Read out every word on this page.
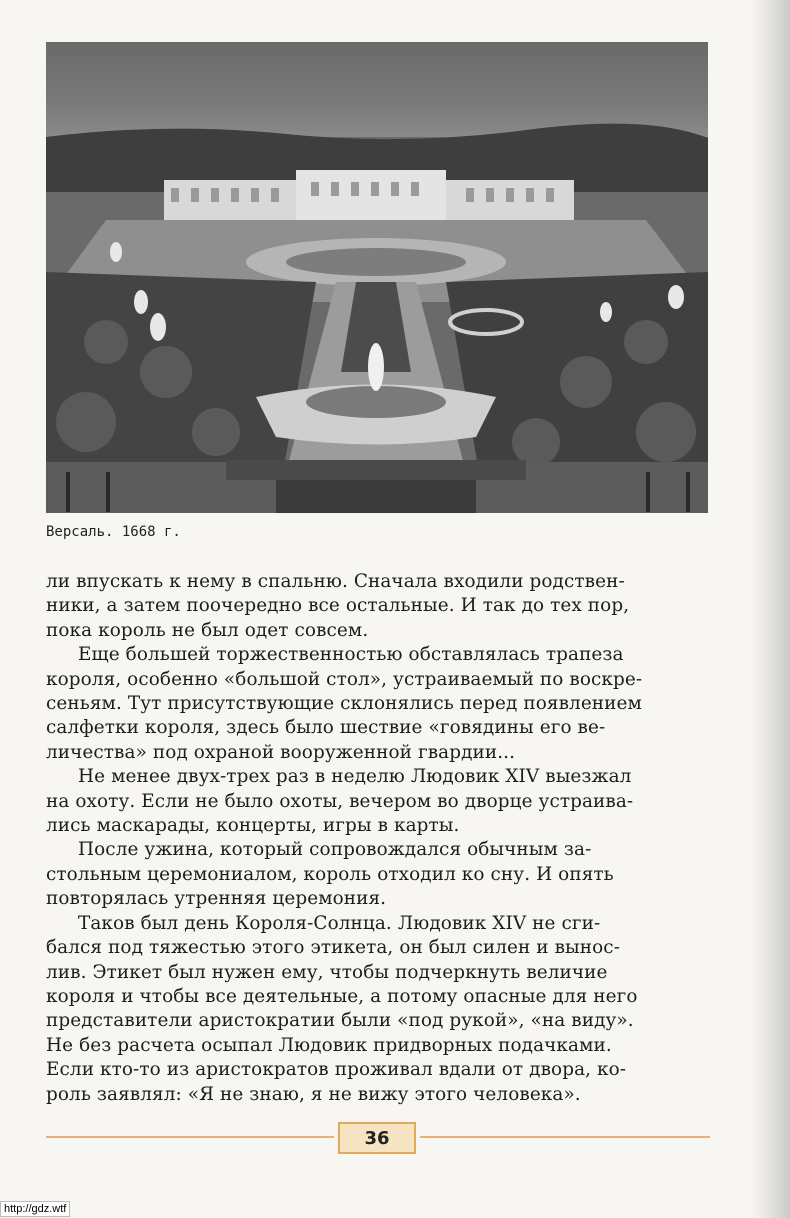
Версаль. 1668 г.

ли впускать к нему в спальню. Сначала входили родствен-
ники, а затем поочередно все остальные. И так до тех пор,
пока король не был одет совсем.

Еще большей торжественностью обставлялась трапеза
короля, особенно «большой стол», устраиваемый по воскре-
сеньям. Тут присутствующие склонялись перед появлением
салфетки короля, здесь было шествие «говядины его ве-
личества» под охраной вооруженной гвардии...

Не менее двух-трех раз в неделю Людовик XIV выезжал
на охоту. Если не было охоты, вечером во дворце устраива-
лись маскарады, концерты, игры в карты.

После ужина, который сопровождался обычным за-
стольным церемониалом, король отходил ко сну. И опять
повторялась утренняя церемония.

Таков был день Короля-Солнца. Людовик XIV не сги-
бался под тяжестью этого этикета, он был силен и вынос-
лив. Этикет был нужен ему, чтобы подчеркнуть величие
короля и чтобы все деятельные, а потому опасные для него
представители аристократии были «под рукой», «на виду».
Не без расчета осыпал Людовик придворных подачками.
Если кто-то из аристократов проживал вдали от двора, ко-
роль заявлял: «Я не знаю, я не вижу этого человека».

36
http://gdz.wtf
